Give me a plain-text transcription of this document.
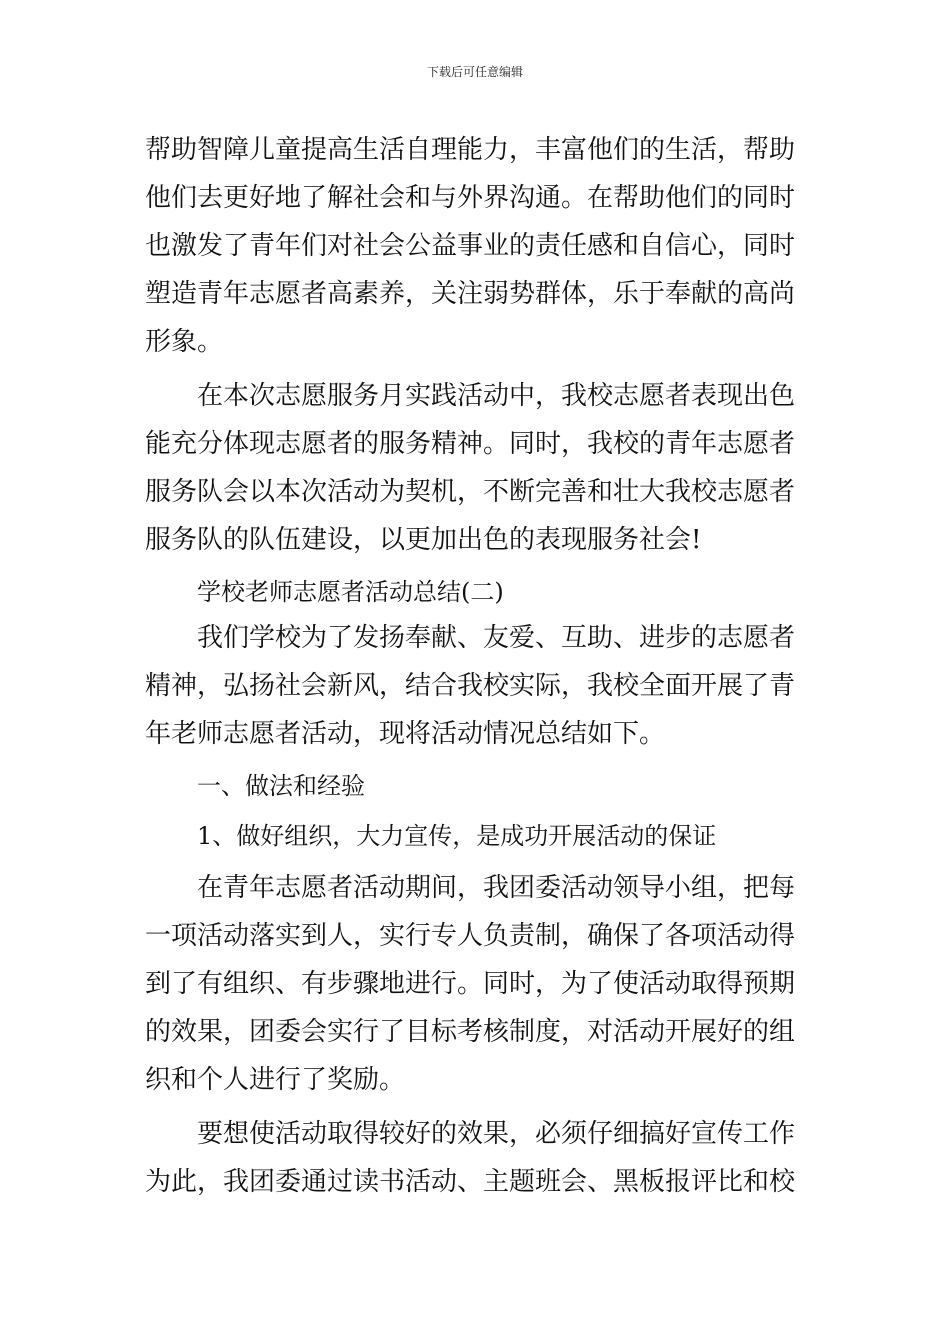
下载后可任意编辑
帮助智障儿童提高生活自理能力，丰富他们的生活，帮助
他们去更好地了解社会和与外界沟通。在帮助他们的同时
也激发了青年们对社会公益事业的责任感和自信心，同时
塑造青年志愿者高素养，关注弱势群体，乐于奉献的高尚
形象。
在本次志愿服务月实践活动中，我校志愿者表现出色
能充分体现志愿者的服务精神。同时，我校的青年志愿者
服务队会以本次活动为契机，不断完善和壮大我校志愿者
服务队的队伍建设，以更加出色的表现服务社会!
学校老师志愿者活动总结(二)
我们学校为了发扬奉献、友爱、互助、进步的志愿者
精神，弘扬社会新风，结合我校实际，我校全面开展了青
年老师志愿者活动，现将活动情况总结如下。
一、做法和经验
1、做好组织，大力宣传，是成功开展活动的保证
在青年志愿者活动期间，我团委活动领导小组，把每
一项活动落实到人，实行专人负责制，确保了各项活动得
到了有组织、有步骤地进行。同时，为了使活动取得预期
的效果，团委会实行了目标考核制度，对活动开展好的组
织和个人进行了奖励。
要想使活动取得较好的效果，必须仔细搞好宣传工作
为此，我团委通过读书活动、主题班会、黑板报评比和校
